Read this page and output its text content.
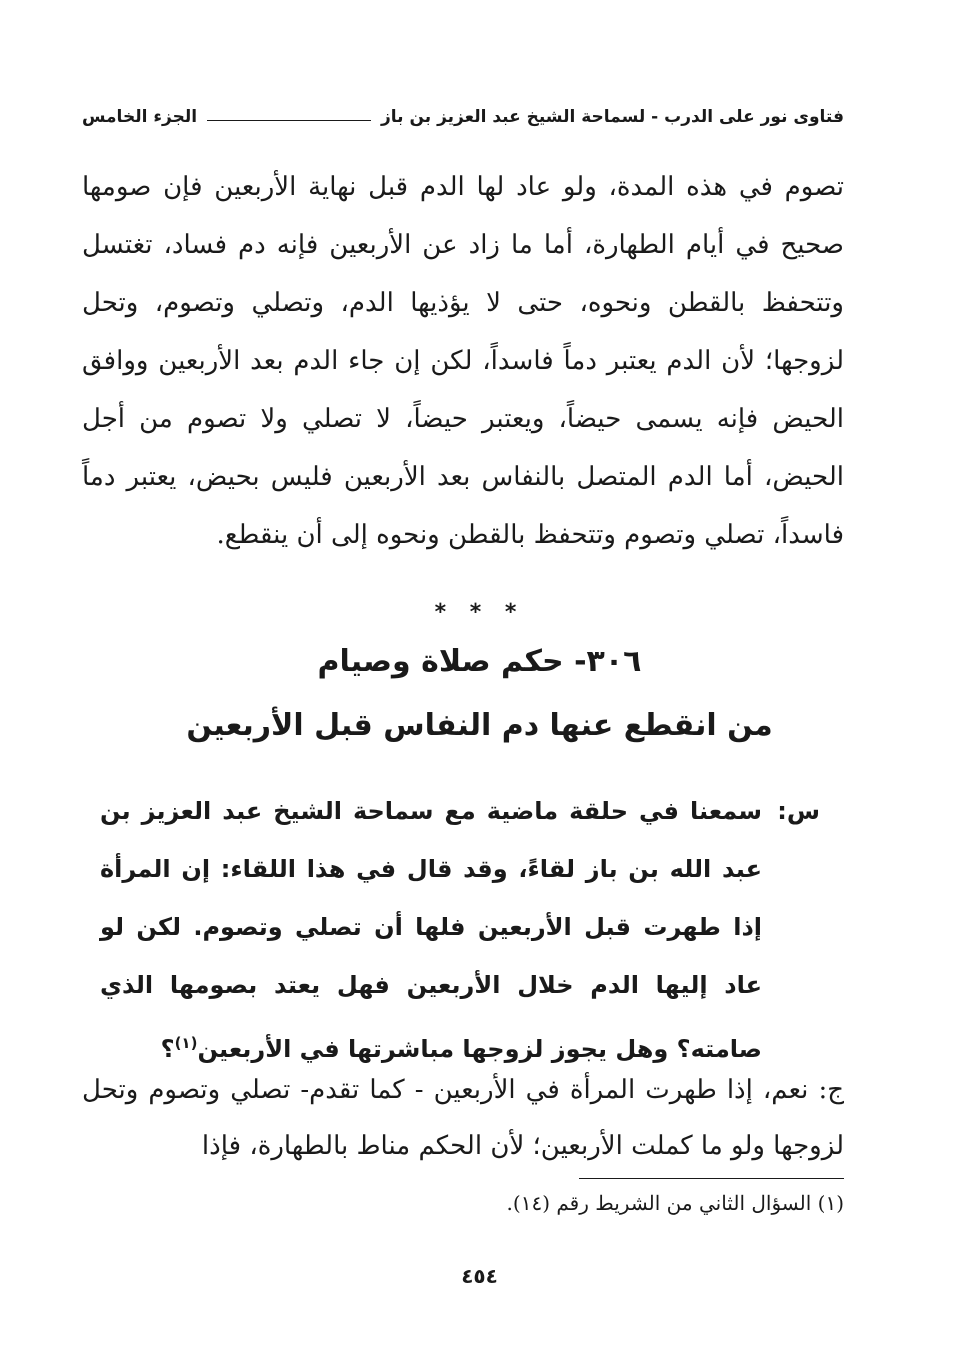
فتاوى نور على الدرب - لسماحة الشيخ عبد العزيز بن باز
الجزء الخامس
تصوم في هذه المدة، ولو عاد لها الدم قبل نهاية الأربعين فإن صومها صحيح في أيام الطهارة، أما ما زاد عن الأربعين فإنه دم فساد، تغتسل وتتحفظ بالقطن ونحوه، حتى لا يؤذيها الدم، وتصلي وتصوم، وتحل لزوجها؛ لأن الدم يعتبر دماً فاسداً، لكن إن جاء الدم بعد الأربعين ووافق الحيض فإنه يسمى حيضاً، ويعتبر حيضاً، لا تصلي ولا تصوم من أجل الحيض، أما الدم المتصل بالنفاس بعد الأربعين فليس بحيض، يعتبر دماً فاسداً، تصلي وتصوم وتتحفظ بالقطن ونحوه إلى أن ينقطع.
* * *
٣٠٦- حكم صلاة وصيام
من انقطع عنها دم النفاس قبل الأربعين
س:
سمعنا في حلقة ماضية مع سماحة الشيخ عبد العزيز بن عبد الله بن باز لقاءً، وقد قال في هذا اللقاء: إن المرأة إذا طهرت قبل الأربعين فلها أن تصلي وتصوم. لكن لو عاد إليها الدم خلال الأربعين فهل يعتد بصومها الذي صامته؟ وهل يجوز لزوجها مباشرتها في الأربعين$^{(١)}$؟
ج: نعم، إذا طهرت المرأة في الأربعين - كما تقدم- تصلي وتصوم وتحل لزوجها ولو ما كملت الأربعين؛ لأن الحكم مناط بالطهارة، فإذا
(١) السؤال الثاني من الشريط رقم (١٤).
٤٥٤
